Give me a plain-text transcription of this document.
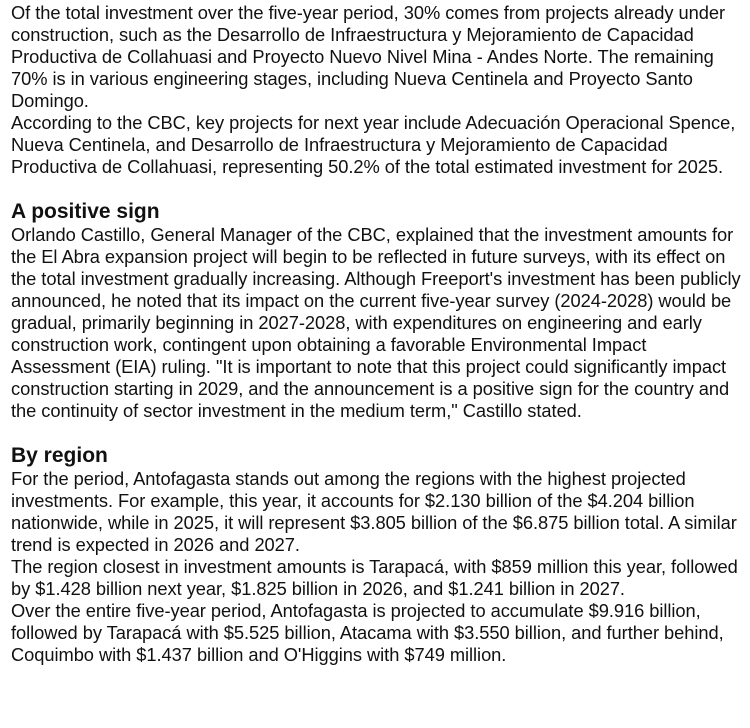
Of the total investment over the five-year period, 30% comes from projects already under construction, such as the Desarrollo de Infraestructura y Mejoramiento de Capacidad Productiva de Collahuasi and Proyecto Nuevo Nivel Mina - Andes Norte. The remaining 70% is in various engineering stages, including Nueva Centinela and Proyecto Santo Domingo.

According to the CBC, key projects for next year include Adecuación Operacional Spence, Nueva Centinela, and Desarrollo de Infraestructura y Mejoramiento de Capacidad Productiva de Collahuasi, representing 50.2% of the total estimated investment for 2025.

A positive sign

Orlando Castillo, General Manager of the CBC, explained that the investment amounts for the El Abra expansion project will begin to be reflected in future surveys, with its effect on the total investment gradually increasing. Although Freeport's investment has been publicly announced, he noted that its impact on the current five-year survey (2024-2028) would be gradual, primarily beginning in 2027-2028, with expenditures on engineering and early construction work, contingent upon obtaining a favorable Environmental Impact Assessment (EIA) ruling. "It is important to note that this project could significantly impact construction starting in 2029, and the announcement is a positive sign for the country and the continuity of sector investment in the medium term," Castillo stated.

By region

For the period, Antofagasta stands out among the regions with the highest projected investments. For example, this year, it accounts for $2.130 billion of the $4.204 billion nationwide, while in 2025, it will represent $3.805 billion of the $6.875 billion total. A similar trend is expected in 2026 and 2027.

The region closest in investment amounts is Tarapacá, with $859 million this year, followed by $1.428 billion next year, $1.825 billion in 2026, and $1.241 billion in 2027.

Over the entire five-year period, Antofagasta is projected to accumulate $9.916 billion, followed by Tarapacá with $5.525 billion, Atacama with $3.550 billion, and further behind, Coquimbo with $1.437 billion and O'Higgins with $749 million.
